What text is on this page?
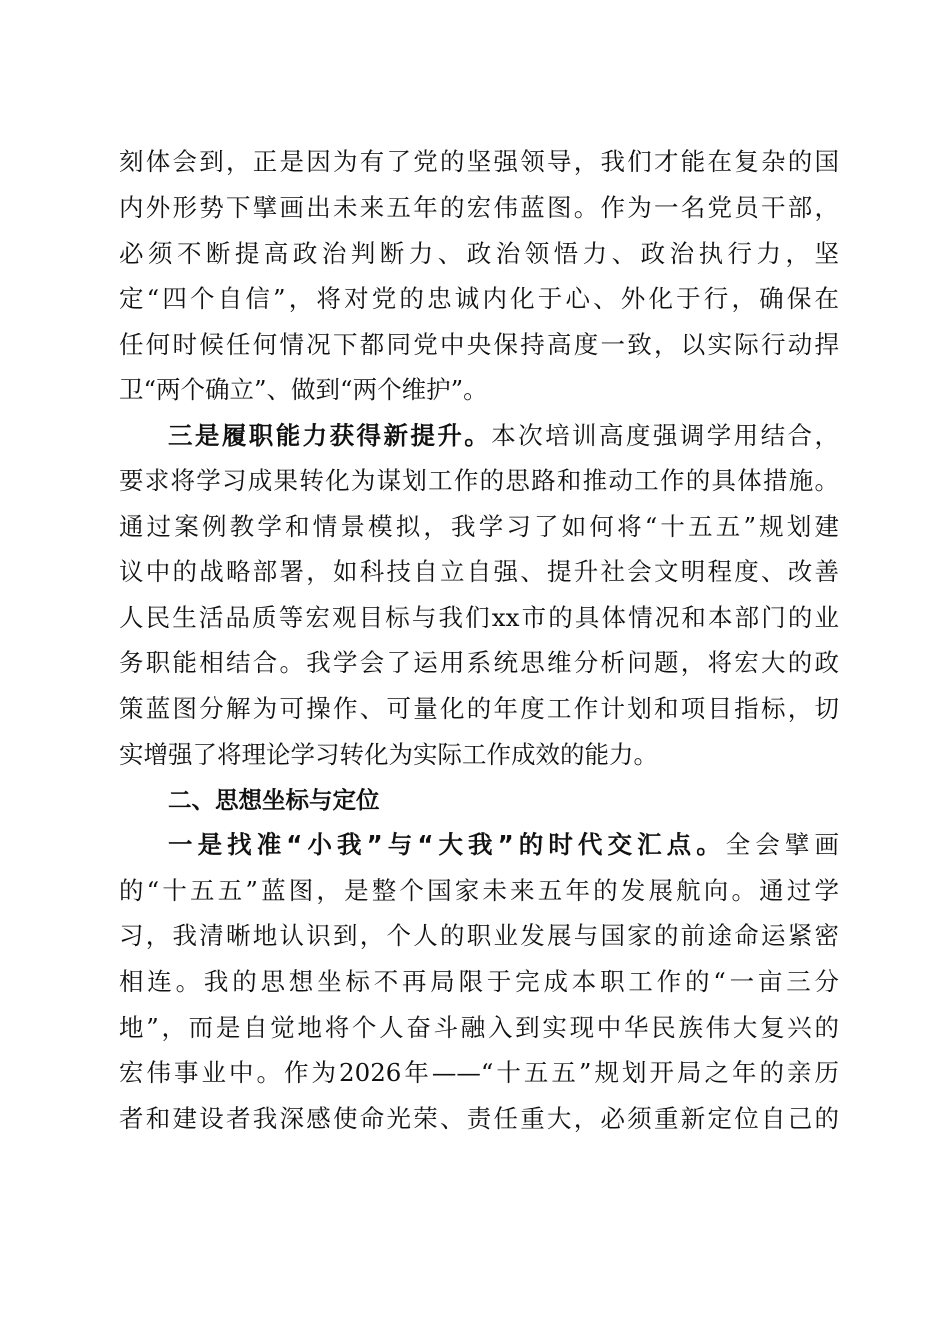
刻体会到，正是因为有了党的坚强领导，我们才能在复杂的国
内外形势下擘画出未来五年的宏伟蓝图。作为一名党员干部，
必须不断提高政治判断力、政治领悟力、政治执行力，坚
定“四个自信”，将对党的忠诚内化于心、外化于行，确保在
任何时候任何情况下都同党中央保持高度一致，以实际行动捍
卫“两个确立”、做到“两个维护”。
三是履职能力获得新提升。本次培训高度强调学用结合，
要求将学习成果转化为谋划工作的思路和推动工作的具体措施。
通过案例教学和情景模拟，我学习了如何将“十五五”规划建
议中的战略部署，如科技自立自强、提升社会文明程度、改善
人民生活品质等宏观目标与我们xx市的具体情况和本部门的业
务职能相结合。我学会了运用系统思维分析问题，将宏大的政
策蓝图分解为可操作、可量化的年度工作计划和项目指标，切
实增强了将理论学习转化为实际工作成效的能力。
二、思想坐标与定位
一是找准“小我”与“大我”的时代交汇点。全会擘画
的“十五五”蓝图，是整个国家未来五年的发展航向。通过学
习，我清晰地认识到，个人的职业发展与国家的前途命运紧密
相连。我的思想坐标不再局限于完成本职工作的“一亩三分
地”，而是自觉地将个人奋斗融入到实现中华民族伟大复兴的
宏伟事业中。作为2026年——“十五五”规划开局之年的亲历
者和建设者我深感使命光荣、责任重大，必须重新定位自己的
